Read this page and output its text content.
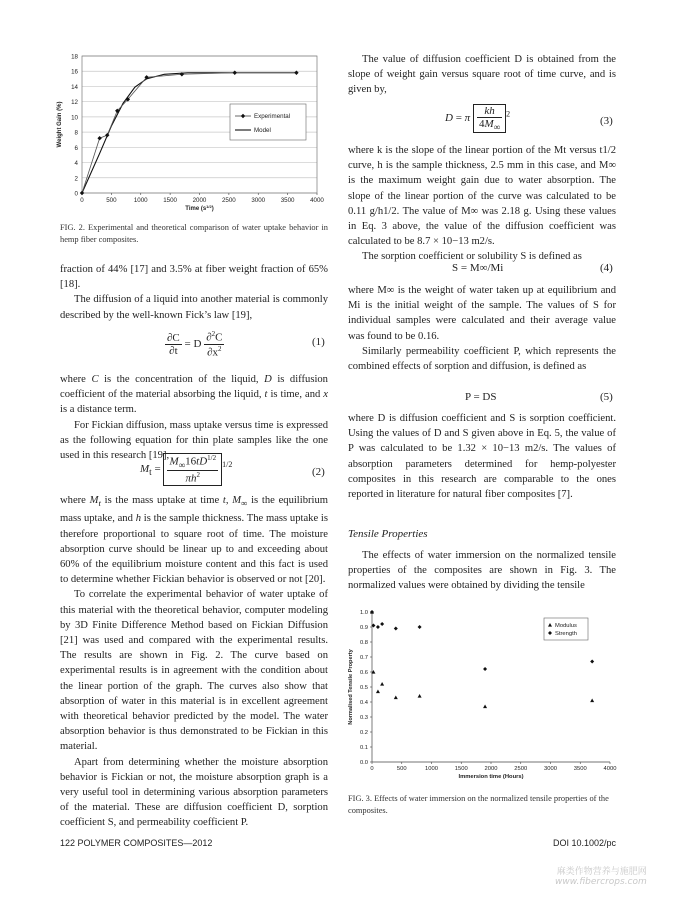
0
2
4
6
8
10
12
14
16
18
0	500	1000	1500	2000	2500	3000	3500	4000
Time $(s^{1/2})$
Weight Gain (%)	Experimental
Model
FIG. 2. Experimental and theoretical comparison of water uptake behavior in hemp fiber composites.

fraction of 44% [17] and 3.5% at fiber weight fraction of 65% [18].

The diffusion of a liquid into another material is commonly described by the well-known Fick’s law [19],

$\frac{\partial C}{\partial t} = D \frac{\partial^2C}{\partial x^2}$	(1)

where C is the concentration of the liquid, D is diffusion coefficient of the material absorbing the liquid, t is time, and x is a distance term.

For Fickian diffusion, mass uptake versus time is expressed as the following equation for thin plate samples like the one used in this research [19],

$M_t = \frac{M_\infty 16tD^{1/2}}{\pi h^2} ^{1/2}$
(2)

where $M_t$ is the mass uptake at time t, $M_\infty$ is the equilibrium mass uptake, and h is the sample thickness. The mass uptake is therefore proportional to square root of time. The moisture absorption curve should be linear up to and exceeding about 60% of the equilibrium moisture content and this fact is used to determine whether Fickian behavior is observed or not [20].

To correlate the experimental behavior of water uptake of this material with the theoretical behavior, computer modeling by 3D Finite Difference Method based on Fickian Diffusion [21] was used and compared with the experimental results. The results are shown in Fig. 2. The curve based on experimental results is in agreement with the condition about the linear portion of the graph. The curves also show that absorption of water in this material is in excellent agreement with theoretical behavior predicted by the model. The water absorption behavior is thus demonstrated to be Fickian in this material.

Apart from determining whether the moisture absorption behavior is Fickian or not, the moisture absorption graph is a very useful tool in determining various absorption parameters of the material. These are diffusion coefficient D, sorption coefficient S, and permeability coefficient P.

The value of diffusion coefficient D is obtained from the slope of weight gain versus square root of time curve, and is given by,

D = π $\frac{kh}{4M_\infty} ^2$
(3)

where k is the slope of the linear portion of the Mt versus t1/2 curve, h is the sample thickness, 2.5 mm in this case, and M∞ is the maximum weight gain due to water absorption. The slope of the linear portion of the curve was calculated to be 0.11 g/h1/2. The value of M∞ was 2.18 g. Using these values in Eq. 3 above, the value of the diffusion coefficient was calculated to be 8.7 × 10−13 m2/s.

The sorption coefficient or solubility S is defined as

S = M∞/Mi	(4)

where M∞ is the weight of water taken up at equilibrium and Mi is the initial weight of the sample. The values of S for individual samples were calculated and their average value was found to be 0.16.

Similarly permeability coefficient P, which represents the combined effects of sorption and diffusion, is defined as

P = DS	(5)

where D is diffusion coefficient and S is sorption coefficient. Using the values of D and S given above in Eq. 5, the value of P was calculated to be 1.32 × 10−13 m2/s. The values of absorption parameters determined for hemp-polyester composites in this research are comparable to the ones reported in literature for natural fiber composites [7].

Tensile Properties

The effects of water immersion on the normalized tensile properties of the composites are shown in Fig. 3. The normalized values were obtained by dividing the tensile

0.0
0.1
0.2
0.3
0.4
0.5
0.6
0.7
0.8
0.9
1.0
0	500	1000	1500	2000	2500	3000	3500	4000
Immersion time (Hours)
Normalised Tensile Property
Modulus
Strength
FIG. 3. Effects of water immersion on the normalized tensile properties of the composites.
122 POLYMER COMPOSITES—2012	DOI 10.1002/pc
麻类作物营养与施肥网
www.fibercrops.com
